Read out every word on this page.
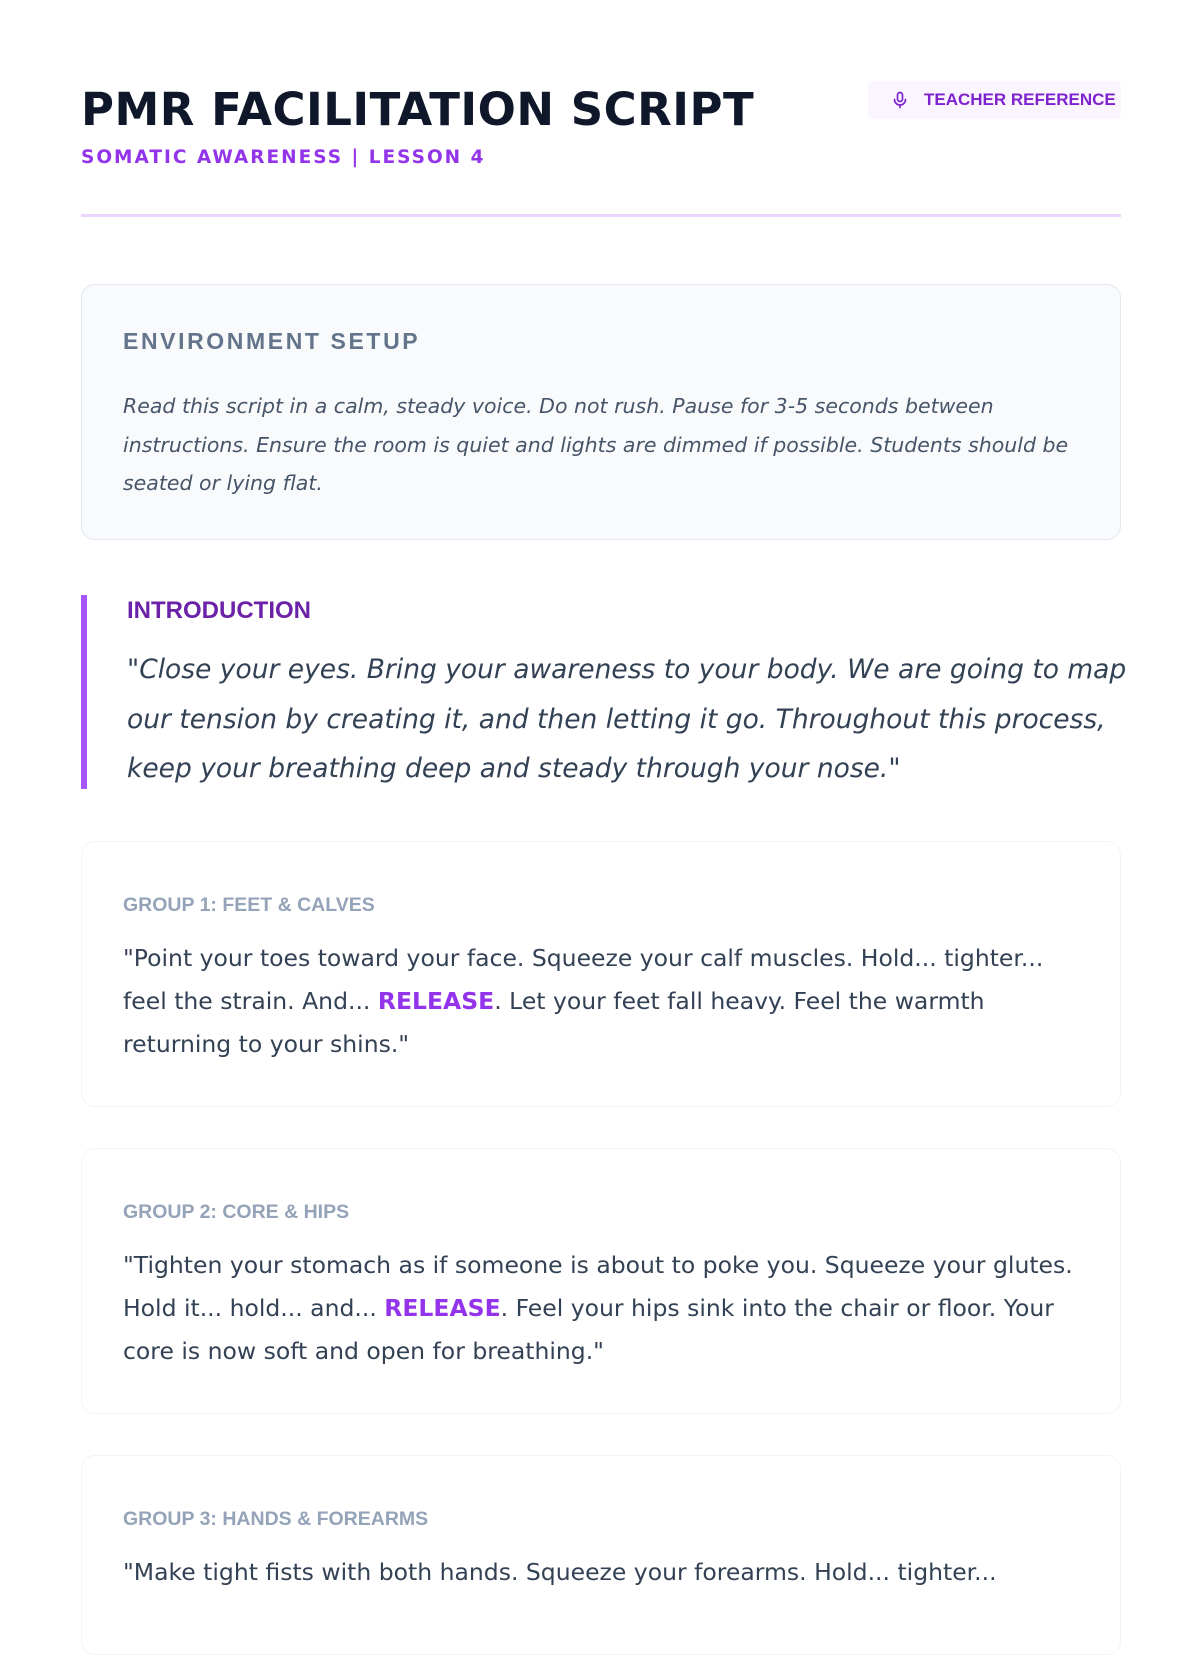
PMR FACILITATION SCRIPT
SOMATIC AWARENESS | LESSON 4
TEACHER REFERENCE
ENVIRONMENT SETUP

Read this script in a calm, steady voice. Do not rush. Pause for 3-5 seconds between instructions. Ensure the room is quiet and lights are dimmed if possible. Students should be seated or lying flat.

INTRODUCTION

"Close your eyes. Bring your awareness to your body. We are going to map our tension by creating it, and then letting it go. Throughout this process, keep your breathing deep and steady through your nose."

GROUP 1: FEET & CALVES

"Point your toes toward your face. Squeeze your calf muscles. Hold... tighter... feel the strain. And... RELEASE. Let your feet fall heavy. Feel the warmth returning to your shins."

GROUP 2: CORE & HIPS

"Tighten your stomach as if someone is about to poke you. Squeeze your glutes. Hold it... hold... and... RELEASE. Feel your hips sink into the chair or floor. Your core is now soft and open for breathing."

GROUP 3: HANDS & FOREARMS

"Make tight fists with both hands. Squeeze your forearms. Hold... tighter...
